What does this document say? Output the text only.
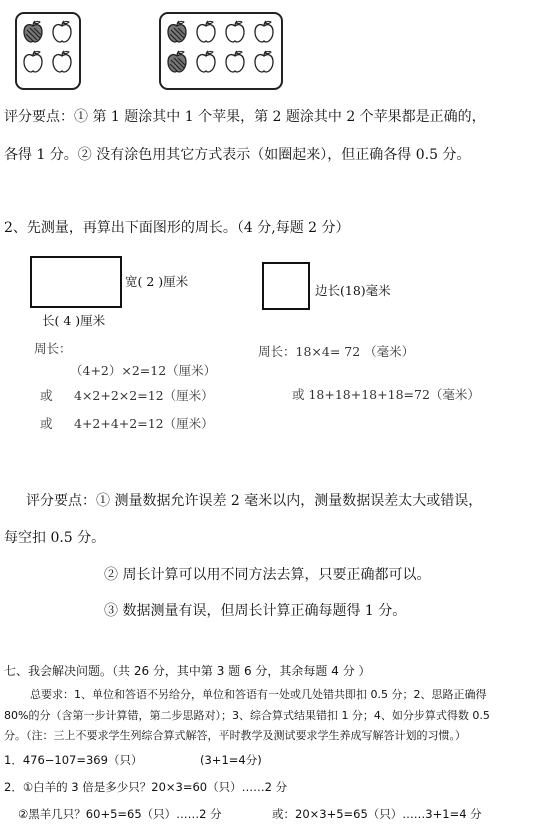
评分要点：① 第 1 题涂其中 1 个苹果，第 2 题涂其中 2 个苹果都是正确的，
各得 1 分。② 没有涂色用其它方式表示（如圈起来），但正确各得 0.5 分。
2、先测量，再算出下面图形的周长。（4 分,每题 2 分）
宽( 2 )厘米
长( 4 )厘米
边长(18)毫米
周长：
（4+2）×2=12（厘米）
或 4×2+2×2=12（厘米）
或 4+2+4+2=12（厘米）
周长：18×4= 72 （毫米）
或 18+18+18+18=72（毫米）
评分要点：① 测量数据允许误差 2 毫米以内，测量数据误差太大或错误，
每空扣 0.5 分。
② 周长计算可以用不同方法去算，只要正确都可以。
③ 数据测量有误，但周长计算正确每题得 1 分。
七、我会解决问题。（共 26 分，其中第 3 题 6 分，其余每题 4 分 ）
总要求：1、单位和答语不另给分，单位和答语有一处或几处错共即扣 0.5 分；2、思路正确得
80%的分（含第一步计算错，第二步思路对）；3、综合算式结果错扣 1 分；4、如分步算式得数 0.5
分。（注：三上不要求学生列综合算式解答，平时教学及测试要求学生养成写解答计划的习惯。）
1．476−107=369（只）	(3+1=4分)
2．①白羊的 3 倍是多少只？20×3=60（只）……2 分
②黑羊几只？60+5=65（只）……2 分	或：20×3+5=65（只）……3+1=4 分
